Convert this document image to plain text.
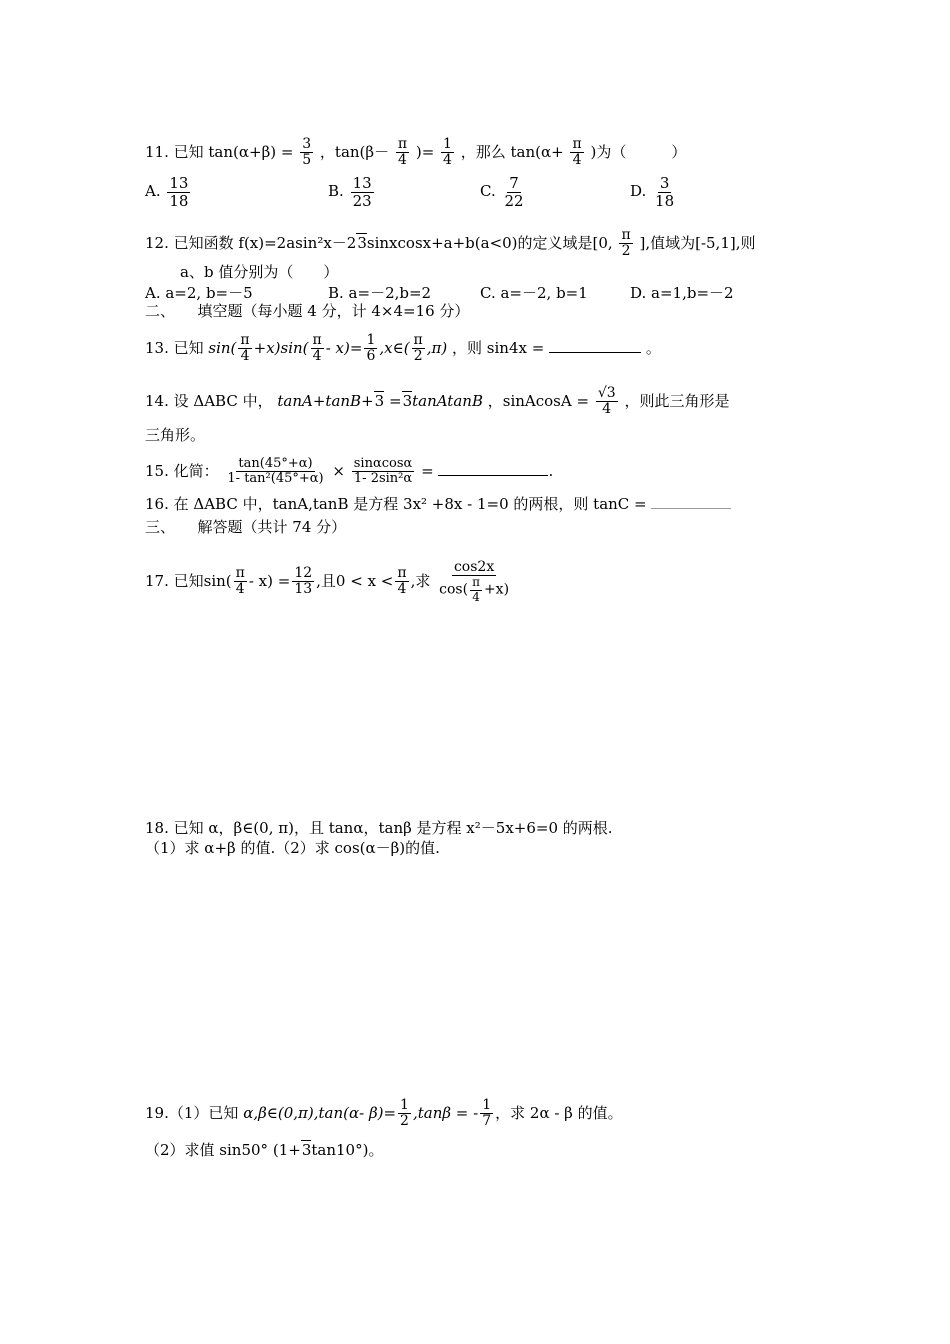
11. 已知 $\tan(\alpha+\beta) = \frac{3}{5}$ ，$\tan(\beta- \frac{\pi}{4}$ )= $\frac{1}{4}$ ，那么 $\tan(\alpha+ \frac{\pi}{4}$ )为（　　　）
A. $\frac{13}{18}$	B. $\frac{13}{23}$	C. $\frac{7}{22}$	D. $\frac{3}{18}$
12. 已知函数 f(x)=2asin²x－23sinxcosx+a+b(a<0)的定义域是[0, $\frac{\pi}{2}$ ],值域为[-5,1],则
a、b 值分别为（　　）
A. a=2, b=－5	B. a=－2,b=2	C. a=－2, b=1	D. a=1,b=－2
二、　　填空题（每小题 4 分，计 4×4=16 分）
13. 已知 $\sin( \frac{\pi}{4} +x)\sin( \frac{\pi}{4} - x)= \frac{1}{6}$ ,x∈( $\frac{\pi}{2} ,\pi$) ，则 sin4x =	。
14. 设 ΔABC 中， tanA+tanB+3 =3tanAtanB ，sinAcosA = $\frac{√3}{4}$ ，则此三角形是
三角形。
15. 化简： $\frac{\tan(45^\circ+\alpha)}{\text{1- tan²(45°+α)}} \times \frac{\sin\alpha\cos\alpha}{\text{1- 2sin²α}}$ =	.
16. 在 ΔABC 中，tanA,tanB 是方程 3x² +8x - 1=0 的两根，则 tanC =
三、　　解答题（共计 74 分）
17. 已知$\sin( \frac{\pi}{4} - x) = \frac{12}{13}$ ,且$0 < x < \frac{\pi}{4}$ ,求 $\frac{\cos 2x}{\cos( \frac{\pi}{4} +x)}$
18. 已知 α，β∈(0, π)，且 tanα，tanβ 是方程 x²－5x+6=0 的两根.
（1）求 α+β 的值.（2）求 cos(α－β)的值.
19.（1）已知 α,β∈(0,π),tan(α- $\beta)= \frac{1}{2} ,\tan\beta$ = - $\frac{1}{7}$ ，求 2α - β 的值。
（2）求值 sin50° (1+3tan10°)。
